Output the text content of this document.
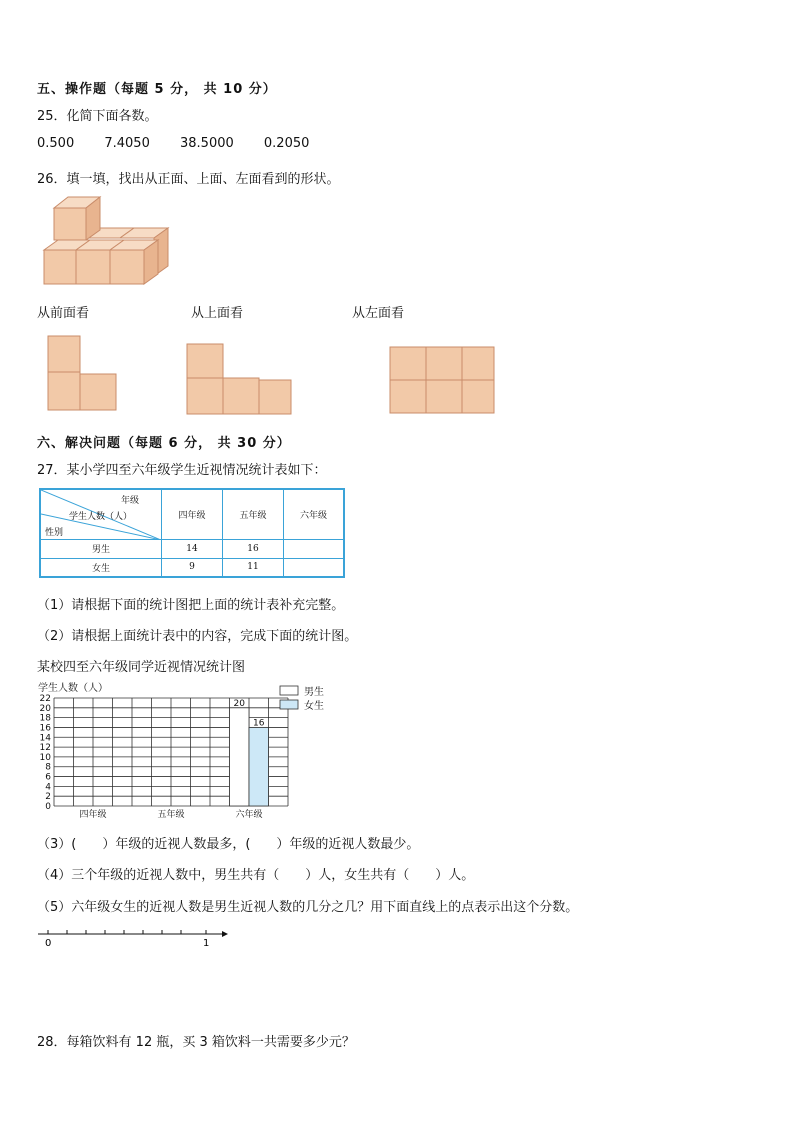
五、操作题（每题 5 分， 共 10 分）
25．化简下面各数。
0.500 7.4050 38.5000 0.2050
26．填一填，找出从正面、上面、左面看到的形状。
从前面看	从上面看	从左面看
六、解决问题（每题 6 分， 共 30 分）
27．某小学四至六年级学生近视情况统计表如下：
年级
学生人数（人）
性别	四年级	五年级	六年级
男生	14	16	
女生	9	11	
（1）请根据下面的统计图把上面的统计表补充完整。
（2）请根据上面统计表中的内容，完成下面的统计图。
某校四至六年级同学近视情况统计图
学生人数（人）
20
16
0
2
4
6
8
10
12
14
16
18
20
22
四年级	五年级	六年级
男生
女生
（3）(　　）年级的近视人数最多，(　　）年级的近视人数最少。
（4）三个年级的近视人数中，男生共有（　　）人，女生共有（　　）人。
（5）六年级女生的近视人数是男生近视人数的几分之几？用下面直线上的点表示出这个分数。
0	1
28．每箱饮料有 12 瓶，买 3 箱饮料一共需要多少元？
